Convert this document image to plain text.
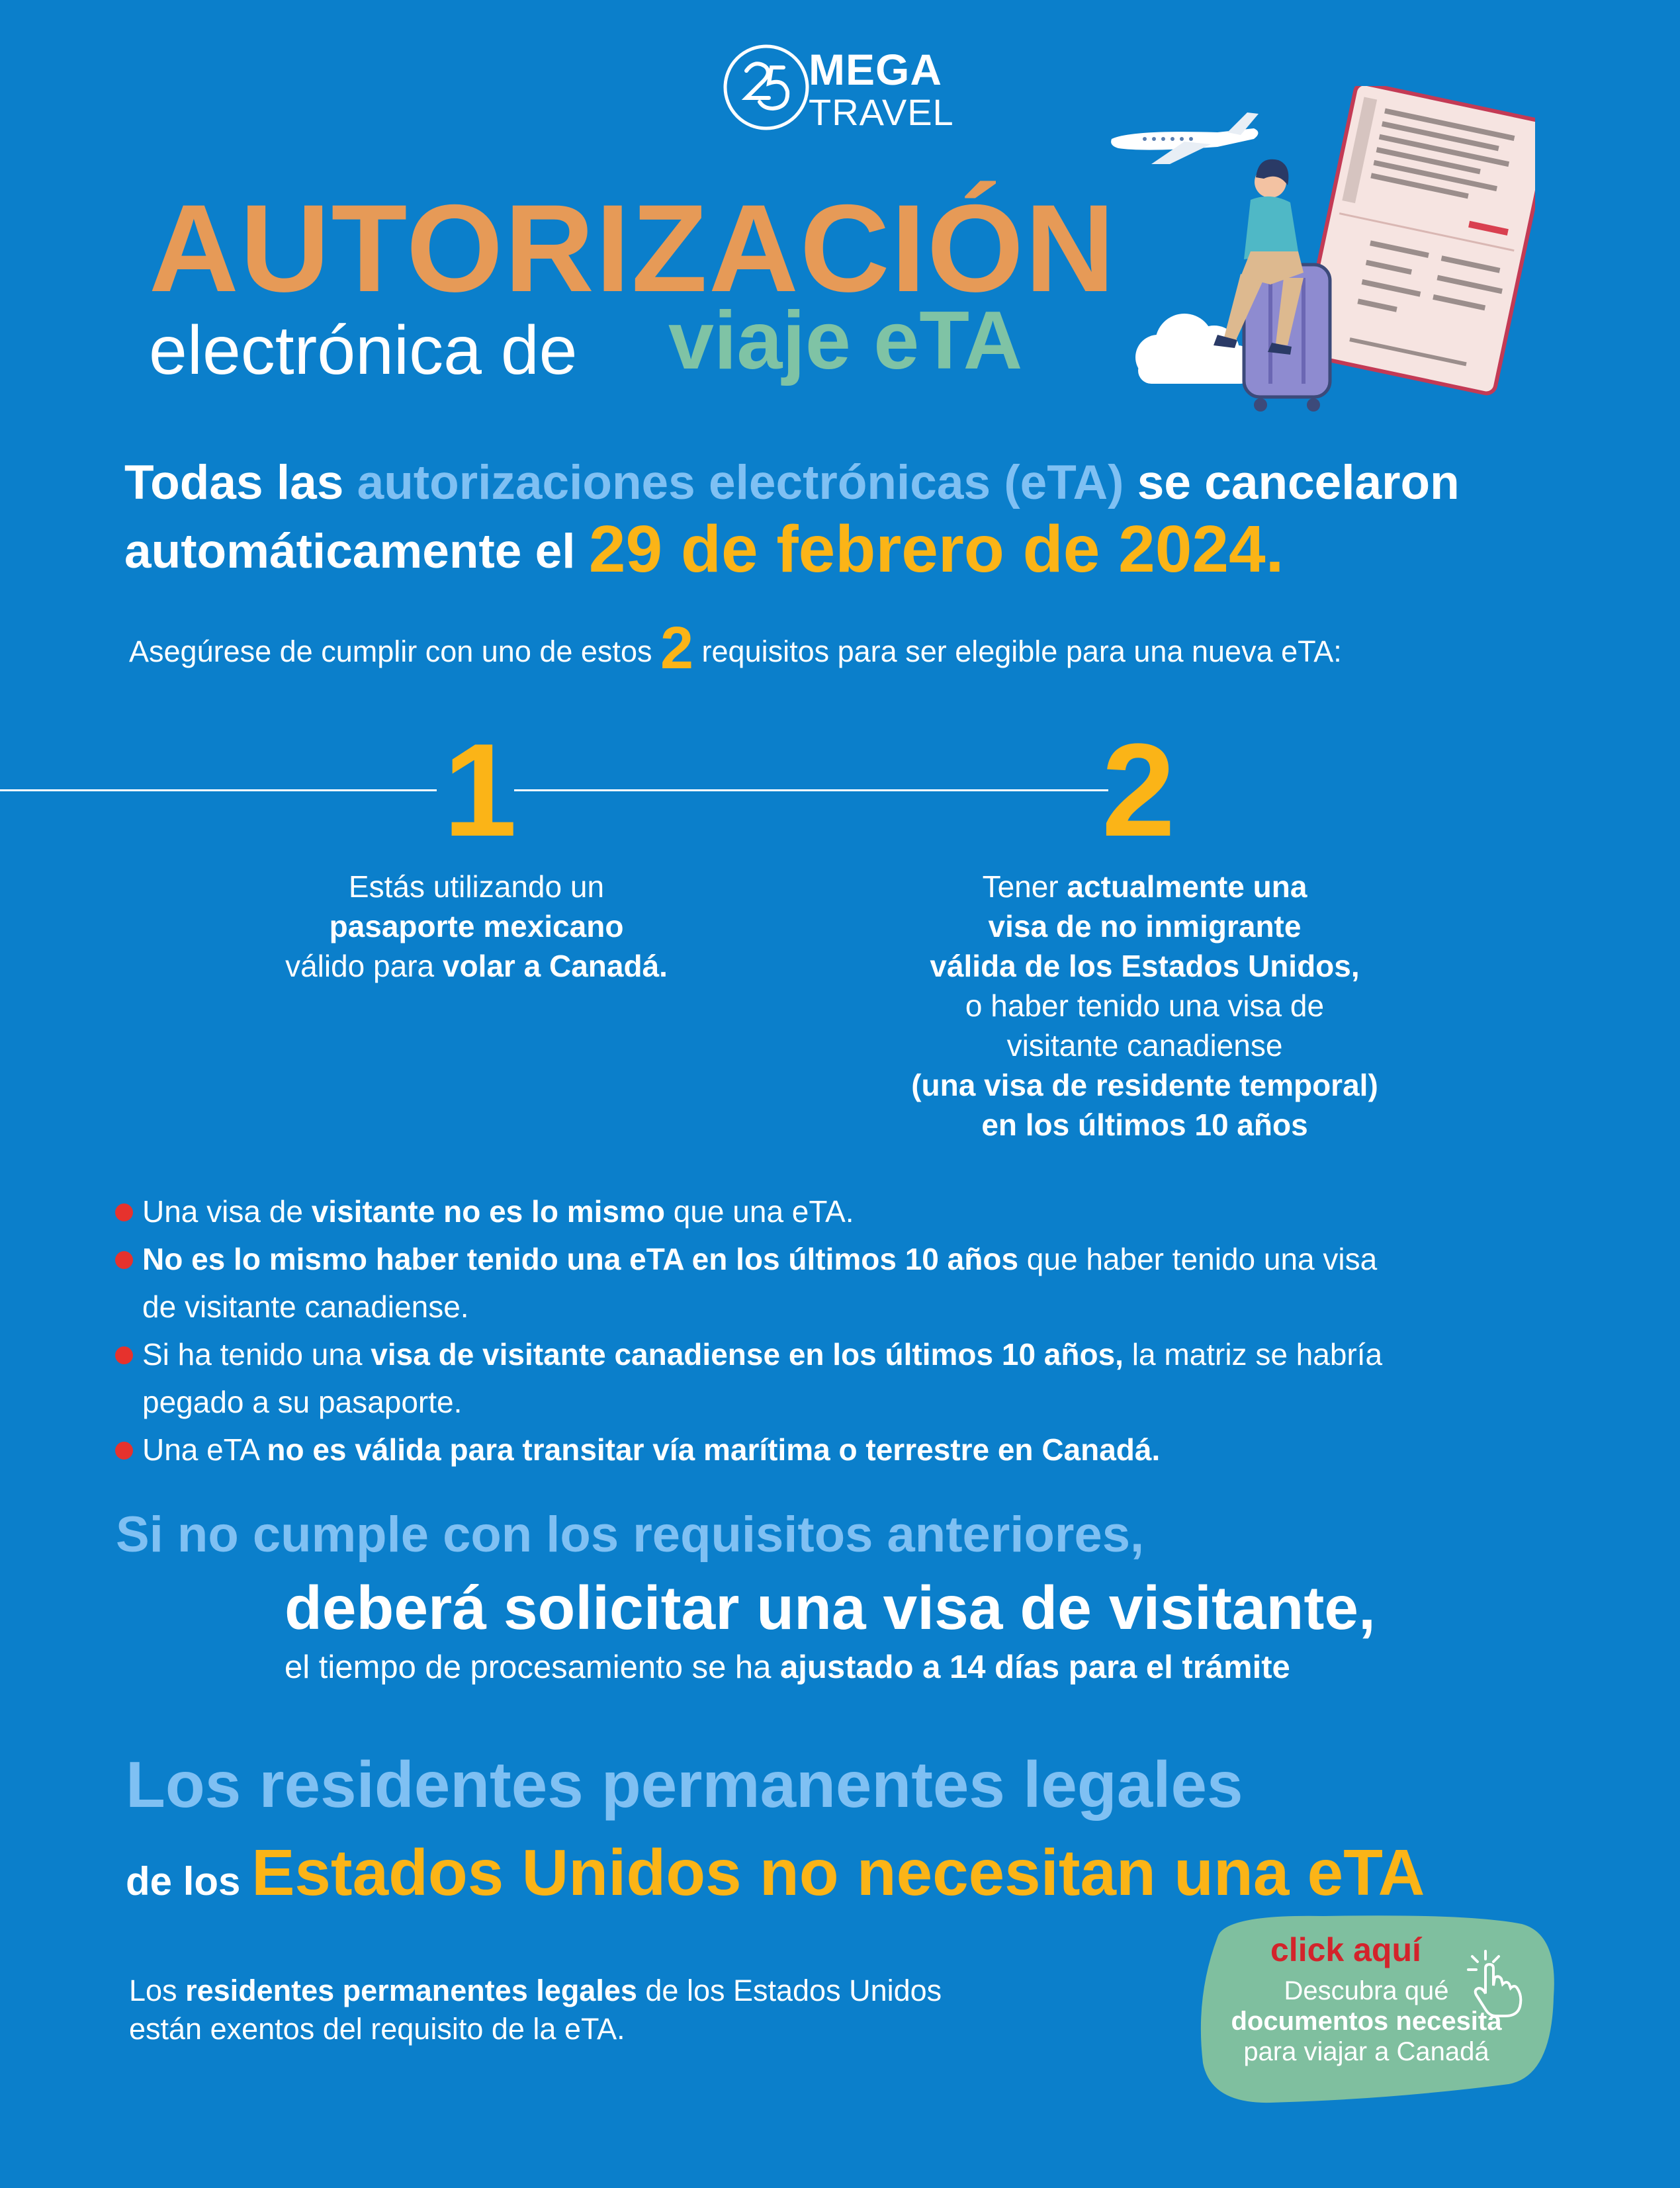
MEGA
TRAVEL
AUTORIZACIÓN
electrónica de viaje eTA
Todas las autorizaciones electrónicas (eTA) se cancelaron
automáticamente el 29 de febrero de 2024.
Asegúrese de cumplir con uno de estos 2 requisitos para ser elegible para una nueva eTA:
1	2
Estás utilizando un
pasaporte mexicano
válido para volar a Canadá.
Tener actualmente una
visa de no inmigrante
válida de los Estados Unidos,
o haber tenido una visa de
visitante canadiense
(una visa de residente temporal)
en los últimos 10 años
Una visa de visitante no es lo mismo que una eTA.
No es lo mismo haber tenido una eTA en los últimos 10 años que haber tenido una visa
de visitante canadiense.
Si ha tenido una visa de visitante canadiense en los últimos 10 años, la matriz se habría
pegado a su pasaporte.
Una eTA no es válida para transitar vía marítima o terrestre en Canadá.
Si no cumple con los requisitos anteriores,
deberá solicitar una visa de visitante,
el tiempo de procesamiento se ha ajustado a 14 días para el trámite
Los residentes permanentes legales
de los Estados Unidos no necesitan una eTA
Los residentes permanentes legales de los Estados Unidos
están exentos del requisito de la eTA.
click aquí
Descubra qué
documentos necesita
para viajar a Canadá
